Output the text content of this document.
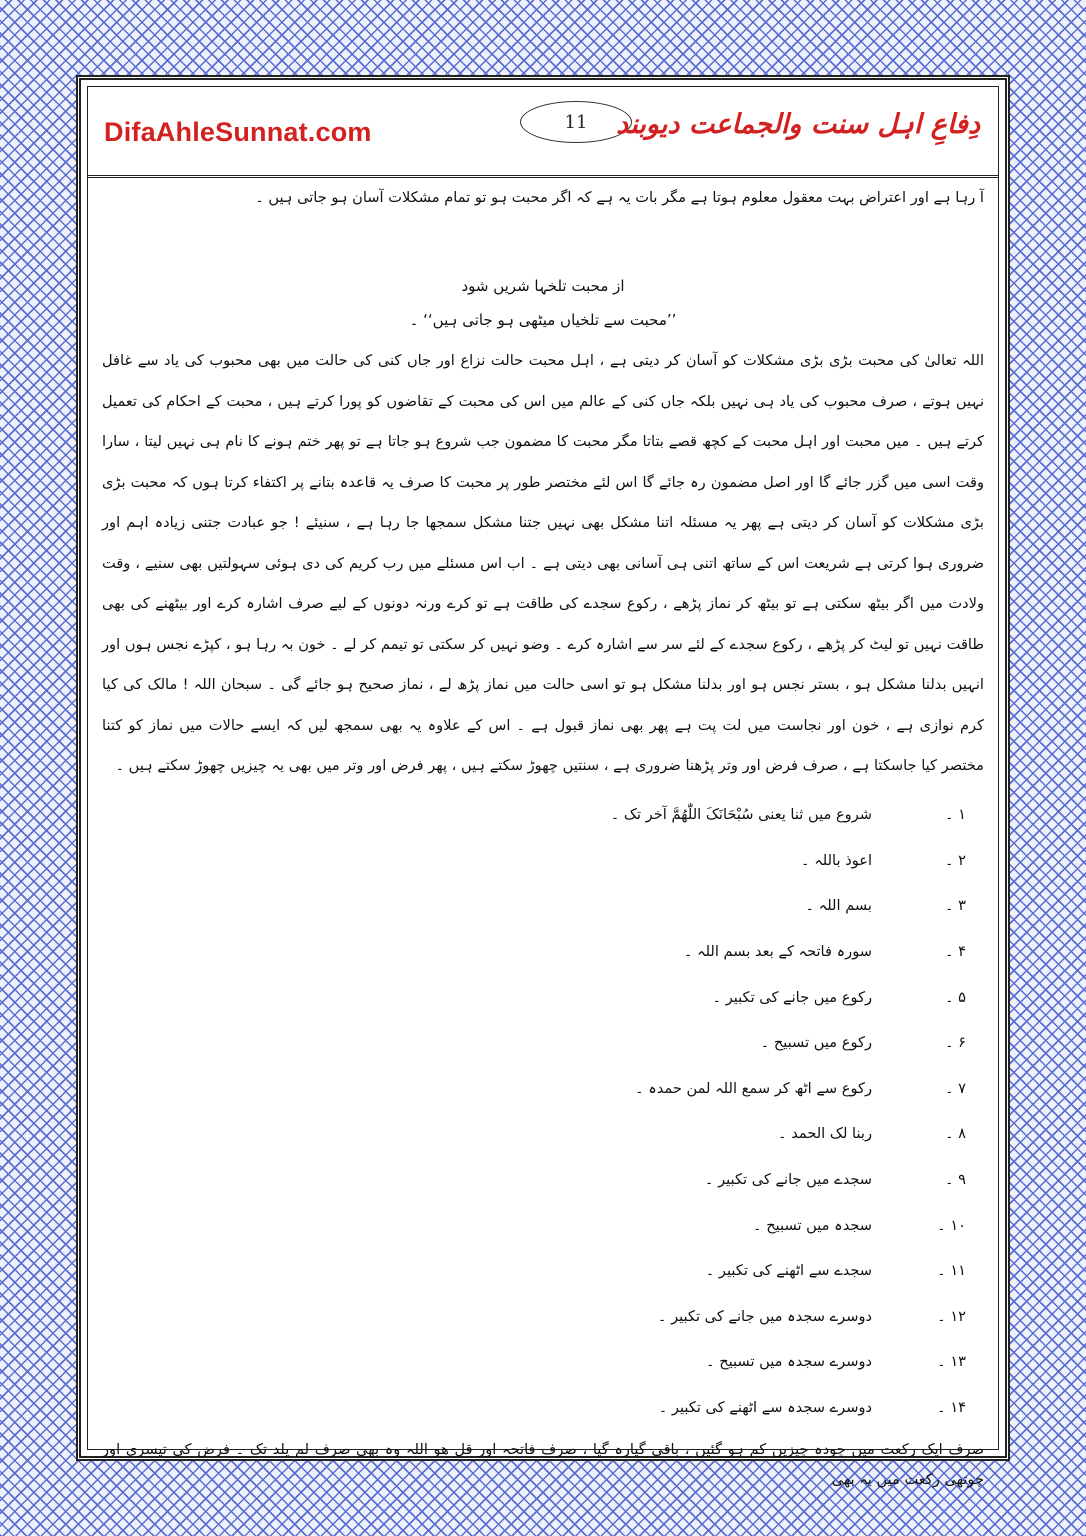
DifaAhleSunnat.com	11	دِفاعِ اہل سنت والجماعت دیوبند

آ رہا ہے اور اعتراض بہت معقول معلوم ہوتا ہے مگر بات یہ ہے کہ اگر محبت ہو تو تمام مشکلات آسان ہو جاتی ہیں ۔

از محبت تلخہا شریں شود

’’محبت سے تلخیاں میٹھی ہو جاتی ہیں‘‘ ۔

اللہ تعالیٰ کی محبت بڑی بڑی مشکلات کو آسان کر دیتی ہے ، اہل محبت حالت نزاع اور جاں کنی کی حالت میں بھی محبوب کی یاد سے غافل نہیں ہوتے ، صرف محبوب کی یاد ہی نہیں بلکہ جاں کنی کے عالم میں اس کی محبت کے تقاضوں کو پورا کرتے ہیں ، محبت کے احکام کی تعمیل کرتے ہیں ۔ میں محبت اور اہل محبت کے کچھ قصے بتاتا مگر محبت کا مضمون جب شروع ہو جاتا ہے تو پھر ختم ہونے کا نام ہی نہیں لیتا ، سارا وقت اسی میں گزر جائے گا اور اصل مضمون رہ جائے گا اس لئے مختصر طور پر محبت کا صرف یہ قاعدہ بتانے پر اکتفاء کرتا ہوں کہ محبت بڑی بڑی مشکلات کو آسان کر دیتی ہے پھر یہ مسئلہ اتنا مشکل بھی نہیں جتنا مشکل سمجھا جا رہا ہے ، سنیئے ! جو عبادت جتنی زیادہ اہم اور ضروری ہوا کرتی ہے شریعت اس کے ساتھ اتنی ہی آسانی بھی دیتی ہے ۔ اب اس مسئلے میں رب کریم کی دی ہوئی سہولتیں بھی سنیے ، وقت ولادت میں اگر بیٹھ سکتی ہے تو بیٹھ کر نماز پڑھے ، رکوع سجدے کی طاقت ہے تو کرے ورنہ دونوں کے لیے صرف اشارہ کرے اور بیٹھنے کی بھی طاقت نہیں تو لیٹ کر پڑھے ، رکوع سجدے کے لئے سر سے اشارہ کرے ۔ وضو نہیں کر سکتی تو تیمم کر لے ۔ خون بہ رہا ہو ، کپڑے نجس ہوں اور انہیں بدلنا مشکل ہو ، بستر نجس ہو اور بدلنا مشکل ہو تو اسی حالت میں نماز پڑھ لے ، نماز صحیح ہو جائے گی ۔ سبحان اللہ ! مالک کی کیا کرم نوازی ہے ، خون اور نجاست میں لت پت ہے پھر بھی نماز قبول ہے ۔ اس کے علاوہ یہ بھی سمجھ لیں کہ ایسے حالات میں نماز کو کتنا مختصر کیا جاسکتا ہے ، صرف فرض اور وتر پڑھنا ضروری ہے ، سنتیں چھوڑ سکتے ہیں ، پھر فرض اور وتر میں بھی یہ چیزیں چھوڑ سکتے ہیں ۔

۱ ۔
شروع میں ثنا یعنی سُبْحَانَکَ اللّٰھُمَّ آخر تک ۔
۲ ۔
اعوذ باللہ ۔
۳ ۔
بسم اللہ ۔
۴ ۔
سورہ فاتحہ کے بعد بسم اللہ ۔
۵ ۔
رکوع میں جانے کی تکبیر ۔
۶ ۔
رکوع میں تسبیح ۔
۷ ۔
رکوع سے اٹھ کر سمع اللہ لمن حمدہ ۔
۸ ۔
ربنا لک الحمد ۔
۹ ۔
سجدے میں جانے کی تکبیر ۔
۱۰ ۔
سجدہ میں تسبیح ۔
۱۱ ۔
سجدے سے اٹھنے کی تکبیر ۔
۱۲ ۔
دوسرے سجدہ میں جانے کی تکبیر ۔
۱۳ ۔
دوسرے سجدہ میں تسبیح ۔
۱۴ ۔
دوسرے سجدہ سے اٹھنے کی تکبیر ۔

صرف ایک رکعت میں چودہ چیزیں کم ہو گئیں ، باقی گیارہ گیا ، صرف فاتحہ اور قل ھو اللہ وہ بھی صرف لم یلد تک ۔ فرض کی تیسری اور چوتھی رکعت میں یہ بھی
